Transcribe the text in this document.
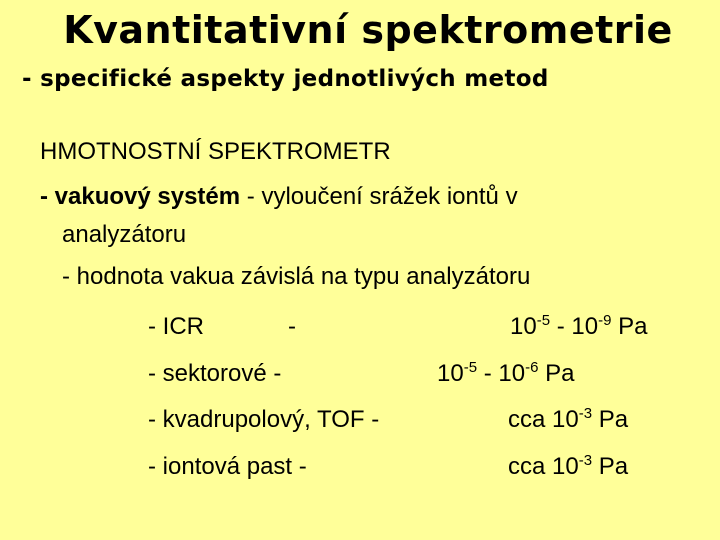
Kvantitativní spektrometrie
- specifické aspekty jednotlivých metod
HMOTNOSTNÍ SPEKTROMETR
- vakuový systém - vyloučení srážek iontů v
analyzátoru
- hodnota vakua závislá na typu analyzátoru
- ICR	-	$10^{-5} - 10^{-9}$ Pa
- sektorové -	$10^{-5} - 10^{-6}$ Pa
- kvadrupolový, TOF -	cca $10^{-3}$ Pa
- iontová past -	cca $10^{-3}$ Pa
